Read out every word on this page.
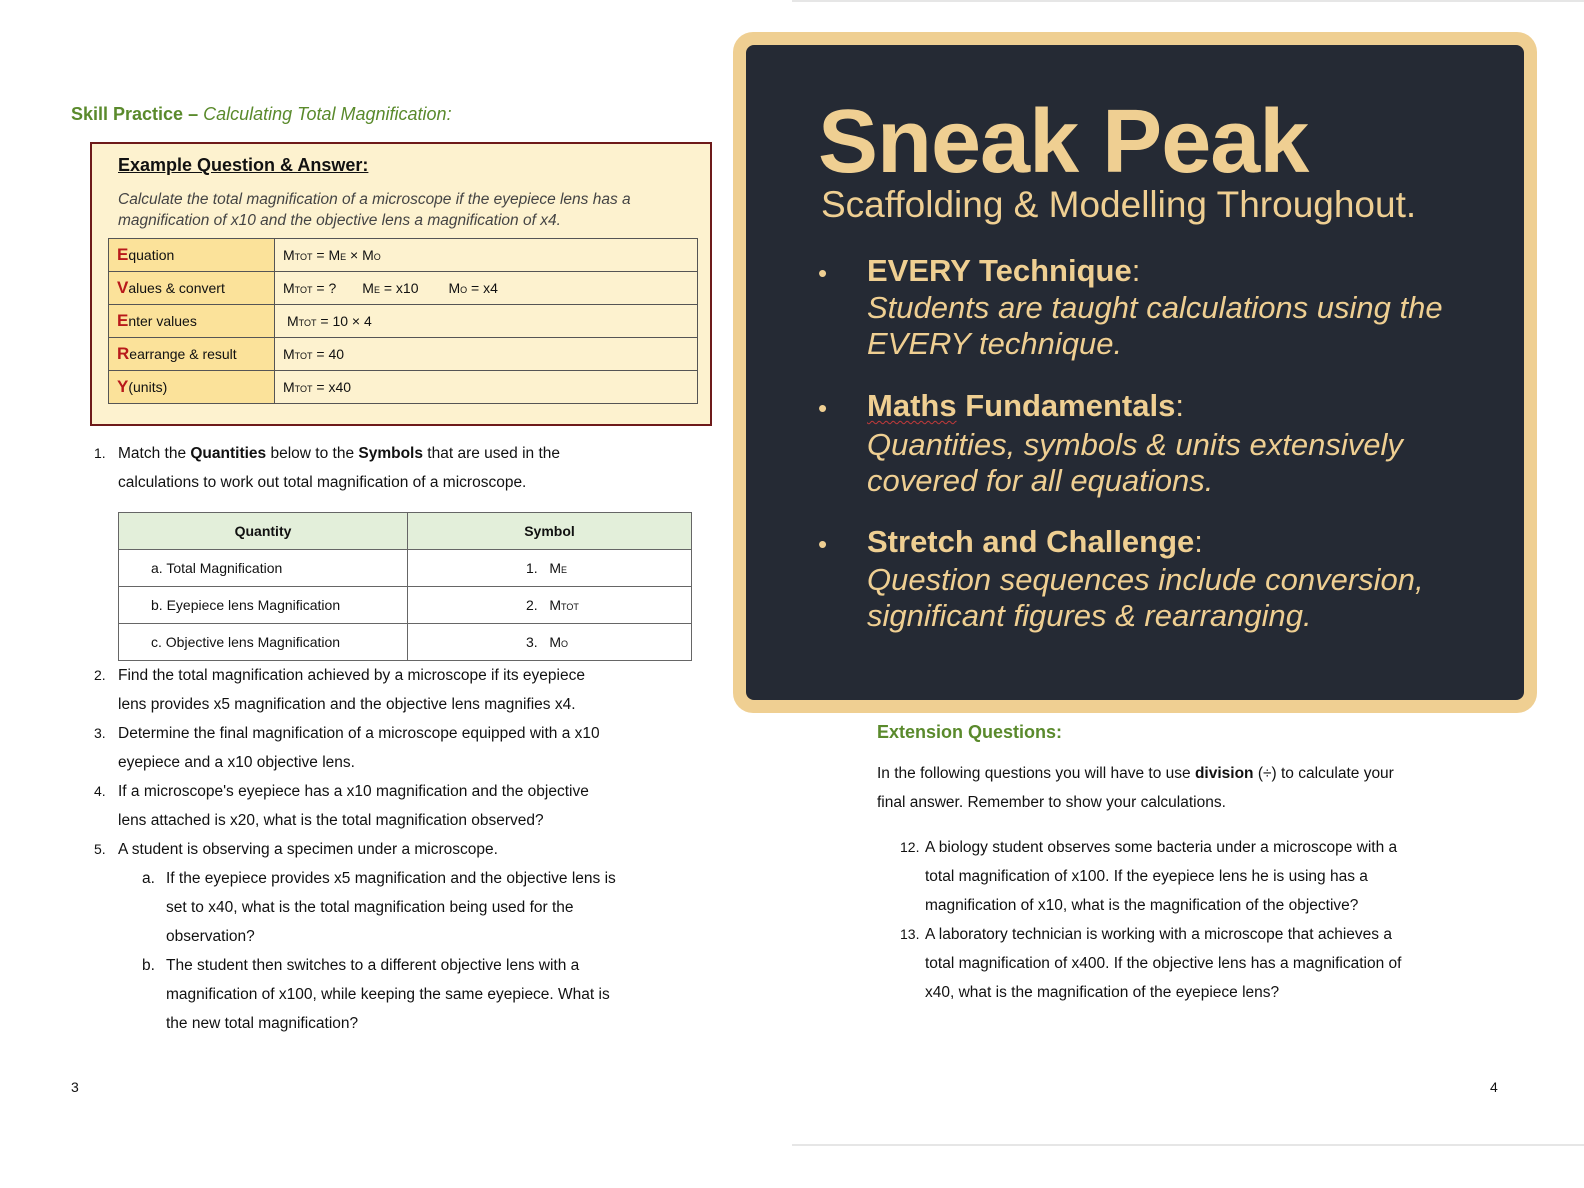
Skill Practice – Calculating Total Magnification:
Example Question & Answer:
Calculate the total magnification of a microscope if the eyepiece lens has a magnification of x10 and the objective lens a magnification of x4.
Equation	MTOT = ME × MO
Values & convert	MTOT = ? ME = x10 MO = x4
Enter values	MTOT = 10 × 4
Rearrange & result	MTOT = 40
Y(units)	MTOT = x40
1. Match the Quantities below to the Symbols that are used in the
calculations to work out total magnification of a microscope.
Quantity	Symbol
a. Total Magnification	1. ME
b. Eyepiece lens Magnification	2. MTOT
c. Objective lens Magnification	3. MO
2. Find the total magnification achieved by a microscope if its eyepiece
lens provides x5 magnification and the objective lens magnifies x4.
3. Determine the final magnification of a microscope equipped with a x10
eyepiece and a x10 objective lens.
4. If a microscope's eyepiece has a x10 magnification and the objective
lens attached is x20, what is the total magnification observed?
5. A student is observing a specimen under a microscope.
a. If the eyepiece provides x5 magnification and the objective lens is
set to x40, what is the total magnification being used for the
observation?
b. The student then switches to a different objective lens with a
magnification of x100, while keeping the same eyepiece. What is
the new total magnification?
3
Sneak Peak
Scaffolding & Modelling Throughout.
• EVERY Technique:
Students are taught calculations using the EVERY technique.
• Maths Fundamentals:
Quantities, symbols & units extensively covered for all equations.
• Stretch and Challenge:
Question sequences include conversion, significant figures & rearranging.
Extension Questions:
In the following questions you will have to use division (÷) to calculate your
final answer. Remember to show your calculations.
12. A biology student observes some bacteria under a microscope with a
total magnification of x100. If the eyepiece lens he is using has a
magnification of x10, what is the magnification of the objective?
13. A laboratory technician is working with a microscope that achieves a
total magnification of x400. If the objective lens has a magnification of
x40, what is the magnification of the eyepiece lens?
4
